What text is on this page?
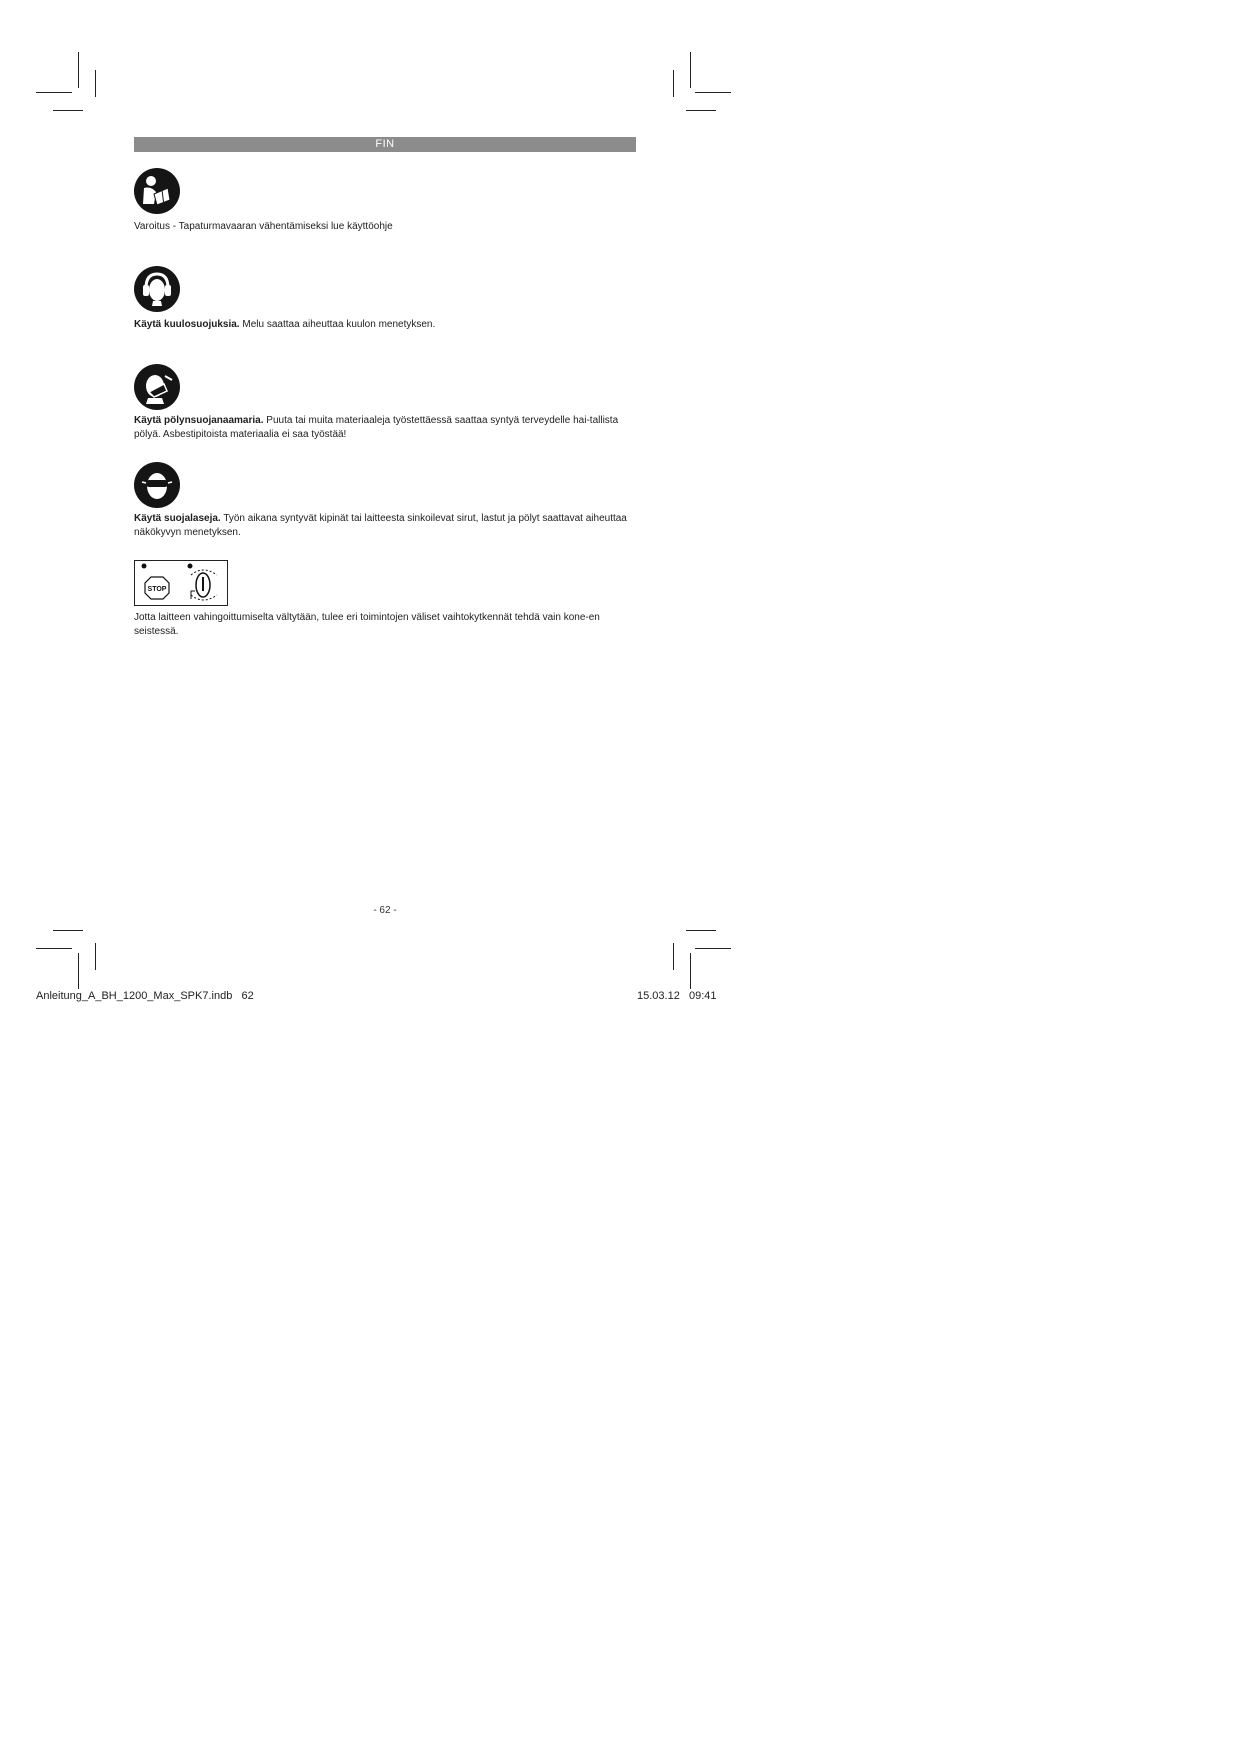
FIN
Varoitus - Tapaturmavaaran vähentämiseksi lue käyttöohje
Käytä kuulosuojuksia. Melu saattaa aiheuttaa kuulon menetyksen.
Käytä pölynsuojanaamaria. Puuta tai muita materiaaleja työstettäessä saattaa syntyä terveydelle hai-tallista pölyä. Asbestipitoista materiaalia ei saa työstää!
Käytä suojalaseja. Työn aikana syntyvät kipinät tai laitteesta sinkoilevat sirut, lastut ja pölyt saattavat aiheuttaa näkökyvyn menetyksen.
STOP
Jotta laitteen vahingoittumiselta vältytään, tulee eri toimintojen väliset vaihtokytkennät tehdä vain kone-en seistessä.
- 62 -
Anleitung_A_BH_1200_Max_SPK7.indb   62	15.03.12   09:41
